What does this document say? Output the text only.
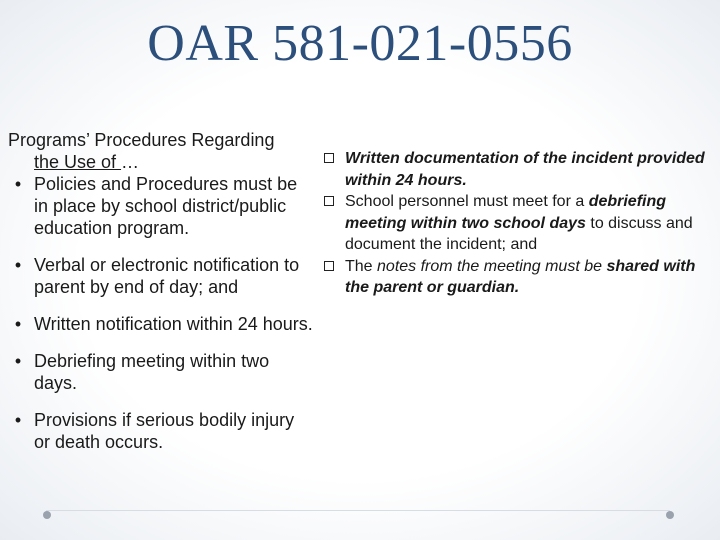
OAR 581-021-0556
Programs’ Procedures Regarding
the Use of …
• Policies and Procedures must be in place by school district/public education program.
• Verbal or electronic notification to parent by end of day; and
• Written notification within 24 hours.
• Debriefing meeting within two days.
• Provisions if serious bodily injury or death occurs.
Written documentation of the incident provided within 24 hours.
School personnel must meet for a debriefing meeting within two school days to discuss and document the incident; and
The notes from the meeting must be shared with the parent or guardian.
